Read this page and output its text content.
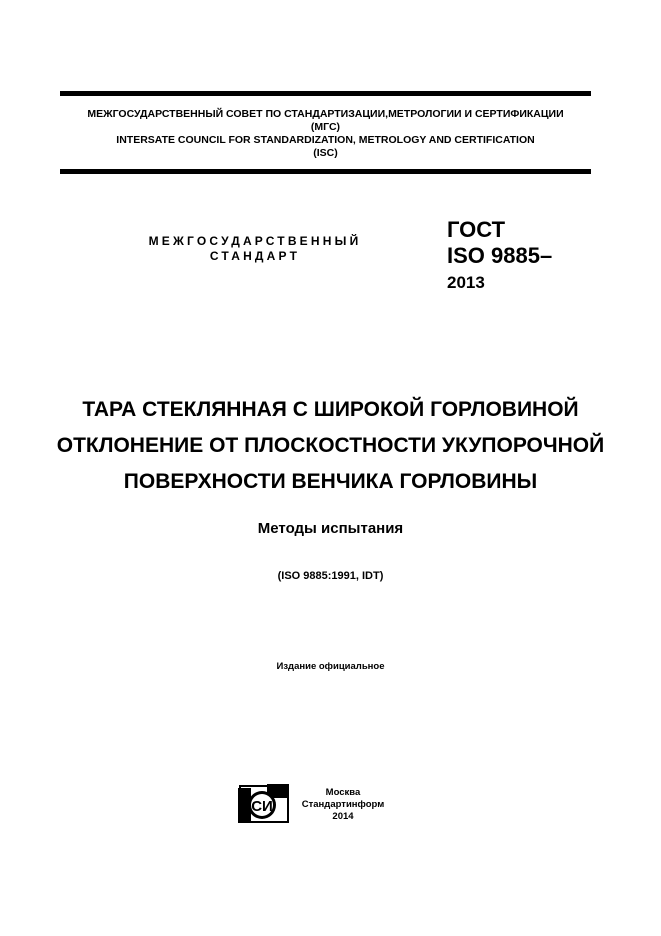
МЕЖГОСУДАРСТВЕННЫЙ СОВЕТ ПО СТАНДАРТИЗАЦИИ,МЕТРОЛОГИИ И СЕРТИФИКАЦИИ
(МГС)
INTERSATE COUNCIL FOR STANDARDIZATION, METROLOGY AND CERTIFICATION
(ISC)
МЕЖГОСУДАРСТВЕННЫЙ
СТАНДАРТ
ГОСТ
ISO 9885–
2013
ТАРА СТЕКЛЯННАЯ С ШИРОКОЙ ГОРЛОВИНОЙ
ОТКЛОНЕНИЕ ОТ ПЛОСКОСТНОСТИ УКУПОРОЧНОЙ
ПОВЕРХНОСТИ ВЕНЧИКА ГОРЛОВИНЫ
Методы испытания
(ISO 9885:1991, IDT)
Издание официальное
СИ
Москва
Стандартинформ
2014
